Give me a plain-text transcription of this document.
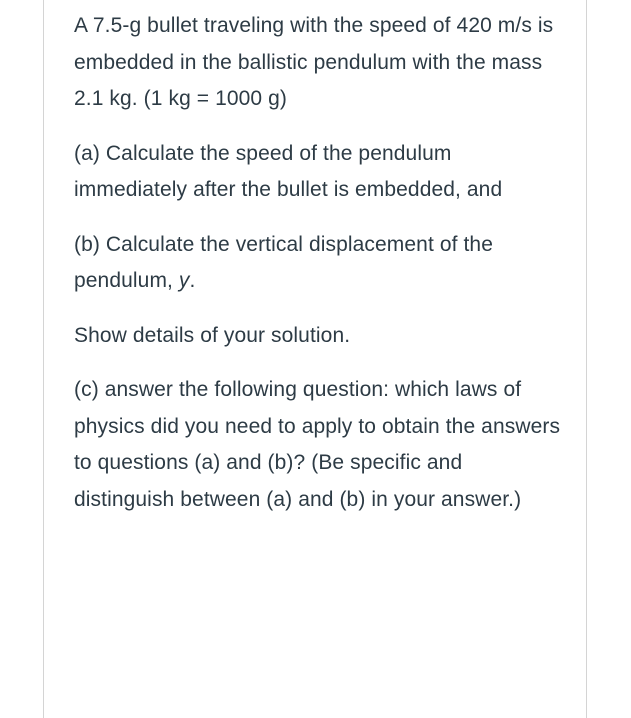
A 7.5-g bullet traveling with the speed of 420 m/s is embedded in the ballistic pendulum with the mass 2.1 kg. (1 kg = 1000 g)

(a) Calculate the speed of the pendulum immediately after the bullet is embedded, and

(b) Calculate the vertical displacement of the pendulum, y.

Show details of your solution.

(c) answer the following question: which laws of physics did you need to apply to obtain the answers to questions (a) and (b)? (Be specific and distinguish between (a) and (b) in your answer.)
